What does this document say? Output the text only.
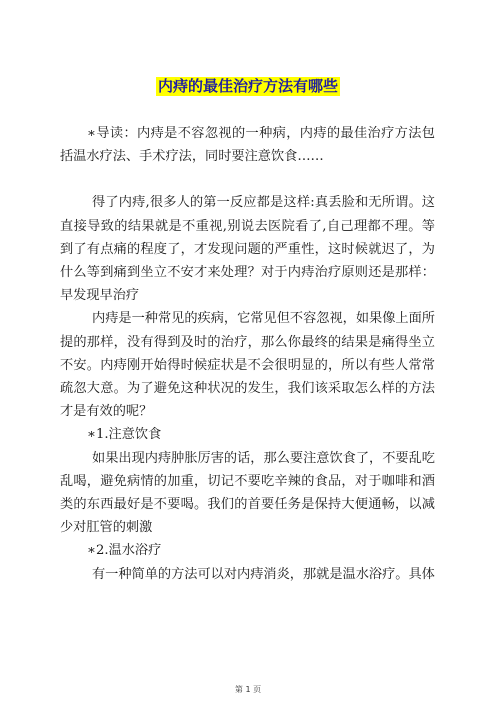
内痔的最佳治疗方法有哪些

∗导读：内痔是不容忽视的一种病，内痔的最佳治疗方法包括温水疗法、手术疗法，同时要注意饮食……

得了内痔,很多人的第一反应都是这样:真丢脸和无所谓。这直接导致的结果就是不重视,别说去医院看了,自己理都不理。等到了有点痛的程度了，才发现问题的严重性，这时候就迟了，为什么等到痛到坐立不安才来处理？对于内痔治疗原则还是那样：早发现早治疗

内痔是一种常见的疾病，它常见但不容忽视，如果像上面所提的那样，没有得到及时的治疗，那么你最终的结果是痛得坐立不安。内痔刚开始得时候症状是不会很明显的，所以有些人常常疏忽大意。为了避免这种状况的发生，我们该采取怎么样的方法才是有效的呢？

∗1.注意饮食

如果出现内痔肿胀厉害的话，那么要注意饮食了，不要乱吃乱喝，避免病情的加重，切记不要吃辛辣的食品，对于咖啡和酒类的东西最好是不要喝。我们的首要任务是保持大便通畅，以减少对肛管的刺激

∗2.温水浴疗

有一种简单的方法可以对内痔消炎，那就是温水浴疗。具体

第 1 页
